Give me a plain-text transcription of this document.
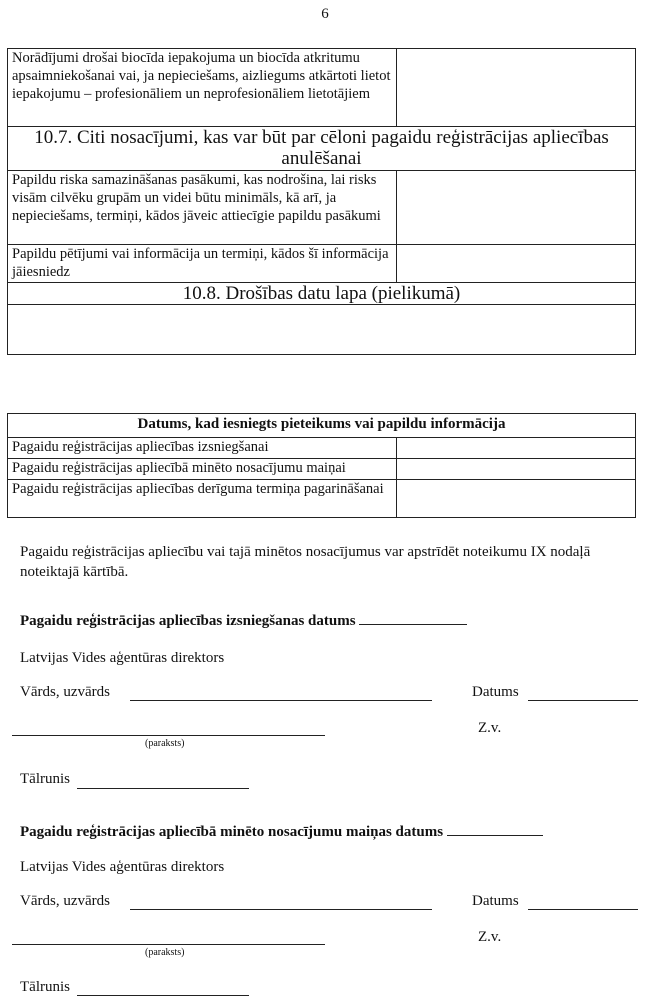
6
Norādījumi drošai biocīda iepakojuma un biocīda atkritumu apsaimniekošanai vai, ja nepieciešams, aizliegums atkārtoti lietot iepakojumu – profesionāliem un neprofesionāliem lietotājiem	
10.7. Citi nosacījumi, kas var būt par cēloni pagaidu reģistrācijas apliecības anulēšanai	
Papildu riska samazināšanas pasākumi, kas nodrošina, lai risks visām cilvēku grupām un videi būtu minimāls, kā arī, ja nepieciešams, termiņi, kādos jāveic attiecīgie papildu pasākumi	
Papildu pētījumi vai informācija un termiņi, kādos šī informācija jāiesniedz	
10.8. Drošības datu lapa (pielikumā)	

Datums, kad iesniegts pieteikums vai papildu informācija	
Pagaidu reģistrācijas apliecības izsniegšanai	
Pagaidu reģistrācijas apliecībā minēto nosacījumu maiņai	
Pagaidu reģistrācijas apliecības derīguma termiņa pagarināšanai	
Pagaidu reģistrācijas apliecību vai tajā minētos nosacījumus var apstrīdēt noteikumu IX nodaļā noteiktajā kārtībā.
Pagaidu reģistrācijas apliecības izsniegšanas datums
Latvijas Vides aģentūras direktors
Vārds, uzvārds	Datums
Z.v.
(paraksts)
Tālrunis
Pagaidu reģistrācijas apliecībā minēto nosacījumu maiņas datums
Latvijas Vides aģentūras direktors
Vārds, uzvārds	Datums
Z.v.
(paraksts)
Tālrunis
